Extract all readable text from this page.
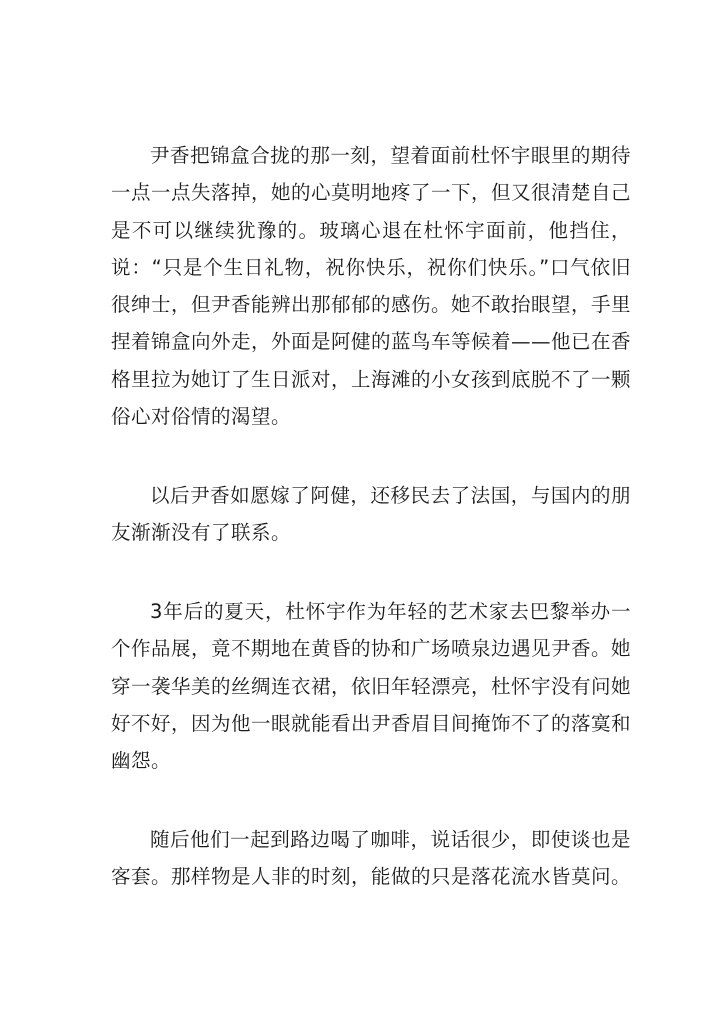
尹香把锦盒合拢的那一刻，望着面前杜怀宇眼里的期待一点一点失落掉，她的心莫明地疼了一下，但又很清楚自己是不可以继续犹豫的。玻璃心退在杜怀宇面前，他挡住，说：“只是个生日礼物，祝你快乐，祝你们快乐。”口气依旧很绅士，但尹香能辨出那郁郁的感伤。她不敢抬眼望，手里捏着锦盒向外走，外面是阿健的蓝鸟车等候着——他已在香格里拉为她订了生日派对，上海滩的小女孩到底脱不了一颗俗心对俗情的渴望。

以后尹香如愿嫁了阿健，还移民去了法国，与国内的朋友渐渐没有了联系。

3年后的夏天，杜怀宇作为年轻的艺术家去巴黎举办一个作品展，竟不期地在黄昏的协和广场喷泉边遇见尹香。她穿一袭华美的丝绸连衣裙，依旧年轻漂亮，杜怀宇没有问她好不好，因为他一眼就能看出尹香眉目间掩饰不了的落寞和幽怨。

随后他们一起到路边喝了咖啡，说话很少，即使谈也是客套。那样物是人非的时刻，能做的只是落花流水皆莫问。
